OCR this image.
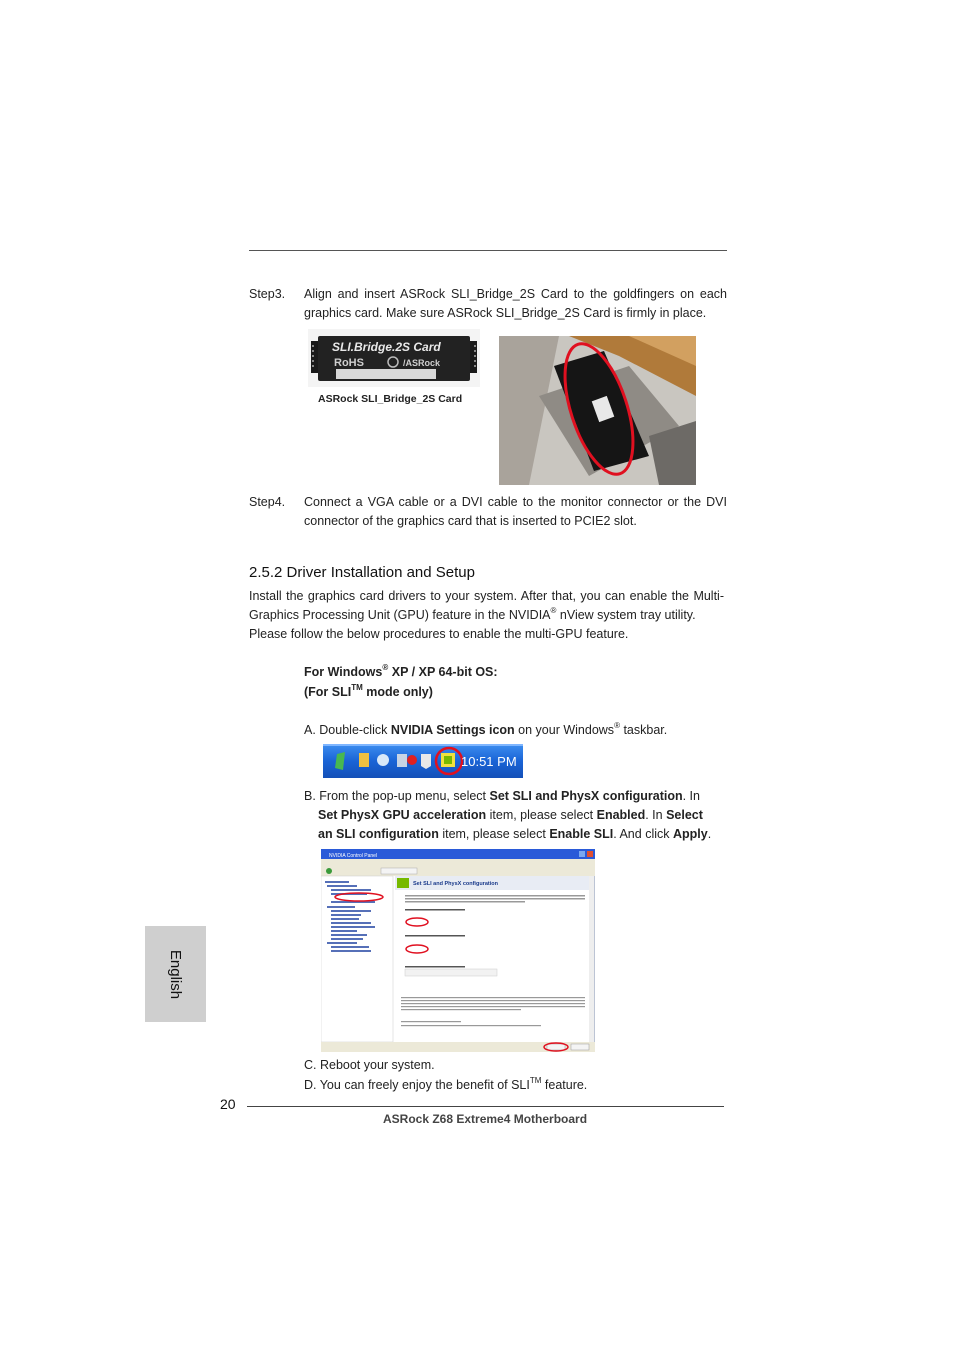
Step3. Align and insert ASRock SLI_Bridge_2S Card to the goldfingers on each
graphics card. Make sure ASRock SLI_Bridge_2S Card is firmly in place.
SLI.Bridge.2S Card
RoHS	/ASRock
ASRock SLI_Bridge_2S Card
Step4. Connect a VGA cable or a DVI cable to the monitor connector or the DVI
connector of the graphics card that is inserted to PCIE2 slot.
2.5.2 Driver Installation and Setup
Install the graphics card drivers to your system. After that, you can enable the Multi-
Graphics Processing Unit (GPU) feature in the NVIDIA® nView system tray utility.
Please follow the below procedures to enable the multi-GPU feature.
For Windows® XP / XP 64-bit OS:
(For SLI™ mode only)
A. Double-click NVIDIA Settings icon on your Windows® taskbar.
10:51 PM
B. From the pop-up menu, select Set SLI and PhysX configuration. In
Set PhysX GPU acceleration item, please select Enabled. In Select
an SLI configuration item, please select Enable SLI. And click Apply.
NVIDIA Control Panel
Set SLI and PhysX configuration
C. Reboot your system.
D. You can freely enjoy the benefit of SLI™ feature.
English
20
ASRock Z68 Extreme4 Motherboard
